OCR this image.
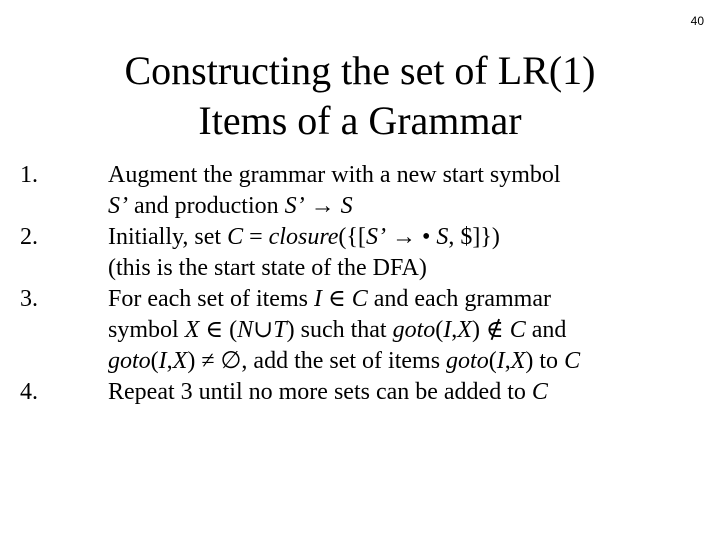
40
Constructing the set of LR(1)
Items of a Grammar
1.	Augment the grammar with a new start symbol
S’ and production S’ → S
2.	Initially, set C = closure({[S’ → • S, $]})
(this is the start state of the DFA)
3.	For each set of items I ∈ C and each grammar
symbol X ∈ (N∪T) such that goto(I,X) ∉ C and
goto(I,X) ≠ ∅, add the set of items goto(I,X) to C
4.	Repeat 3 until no more sets can be added to C
